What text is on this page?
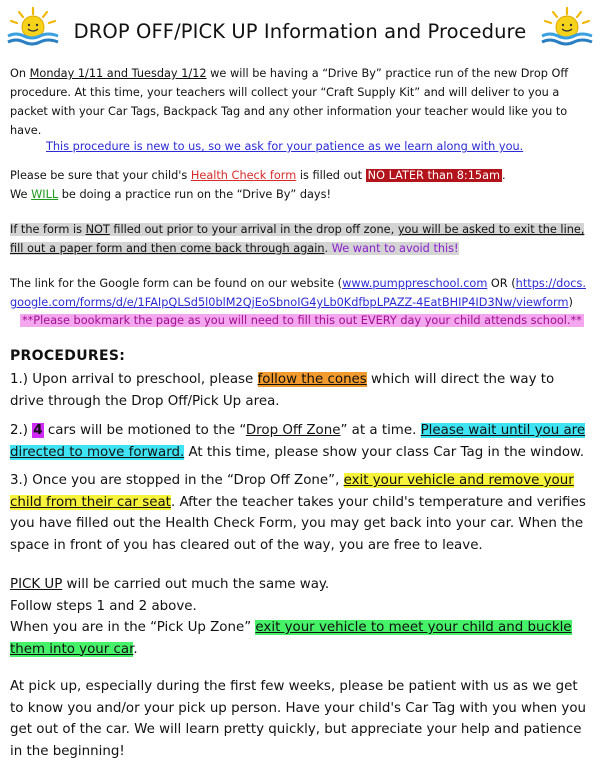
DROP OFF/PICK UP Information and Procedure
On Monday 1/11 and Tuesday 1/12 we will be having a “Drive By” practice run of the new Drop Off procedure. At this time, your teachers will collect your “Craft Supply Kit” and will deliver to you a packet with your Car Tags, Backpack Tag and any other information your teacher would like you to have.
This procedure is new to us, so we ask for your patience as we learn along with you.
Please be sure that your child's Health Check form is filled out NO LATER than 8:15am .
We WILL be doing a practice run on the “Drive By” days!
If the form is NOT filled out prior to your arrival in the drop off zone, you will be asked to exit the line, fill out a paper form and then come back through again. We want to avoid this!
The link for the Google form can be found on our website (www.pumppreschool.com OR (https://docs.google.com/forms/d/e/1FAIpQLSd5l0blM2QjEoSbnoIG4yLb0KdfbpLPAZZ-4EatBHIP4ID3Nw/viewform)
**Please bookmark the page as you will need to fill this out EVERY day your child attends school.**
PROCEDURES:
1.) Upon arrival to preschool, please follow the cones which will direct the way to drive through the Drop Off/Pick Up area.
2.) 4 cars will be motioned to the “Drop Off Zone” at a time. Please wait until you are directed to move forward. At this time, please show your class Car Tag in the window.
3.) Once you are stopped in the “Drop Off Zone”, exit your vehicle and remove your child from their car seat. After the teacher takes your child's temperature and verifies you have filled out the Health Check Form, you may get back into your car. When the space in front of you has cleared out of the way, you are free to leave.
PICK UP will be carried out much the same way.
Follow steps 1 and 2 above.
When you are in the “Pick Up Zone” exit your vehicle to meet your child and buckle them into your car.
At pick up, especially during the first few weeks, please be patient with us as we get to know you and/or your pick up person. Have your child's Car Tag with you when you get out of the car. We will learn pretty quickly, but appreciate your help and patience in the beginning!
